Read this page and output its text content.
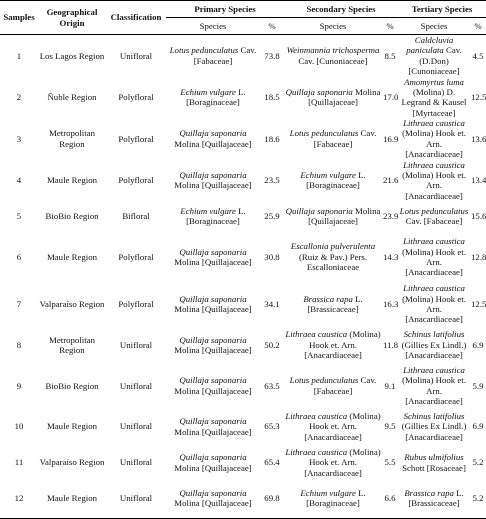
Samples	Geographical Origin	Classification	Primary Species		Secondary Species		Tertiary Species	
			Species	%	Species	%	Species	%
1	Los Lagos Region	Unifloral	Lotus pedunculatus Cav. [Fabaceae]	73.8	Weinmannia trichosperma Cav. [Cunoniaceae]	8.5	Caldcluvia paniculata Cav. (D.Don) [Cunoniaceae]	4.5
2	Ñuble Region	Polyfloral	Echium vulgare L. [Boraginaceae]	18.5	Quillaja saponaria Molina [Quillajaceae]	17.0	Amomyrtus luma (Molina) D. Legrand & Kausel [Myrtaceae]	12.5
3	Metropolitan Region	Polyfloral	Quillaja saponaria Molina [Quillajaceae]	18.6	Lotus pedunculatus Cav. [Fabaceae]	16.9	Lithraea caustica (Molina) Hook et. Arn. [Anacardiaceae]	13.6
4	Maule Region	Polyfloral	Quillaja saponaria Molina [Quillajaceae]	23.5	Echium vulgare L. [Boraginaceae]	21.6	Lithraea caustica (Molina) Hook et. Arn. [Anacardiaceae]	13.4
5	BioBio Region	Bifloral	Echium vulgare L. [Boraginaceae]	25.9	Quillaja saponaria Molina [Quillajaceae]	23.9	Lotus pedunculatus Cav. [Fabaceae]	15.6
6	Maule Region	Polyfloral	Quillaja saponaria Molina [Quillajaceae]	30.8	Escallonia pulverulenta (Ruiz & Pav.) Pers. Escalloniaceae	14.3	Lithraea caustica (Molina) Hook et. Arn. [Anacardiaceae]	12.8
7	Valparaíso Region	Polyfloral	Quillaja saponaria Molina [Quillajaceae]	34.1	Brassica rapa L. [Brassicaceae]	16.3	Lithraea caustica (Molina) Hook et. Arn. [Anacardiaceae]	12.5
8	Metropolitan Region	Unifloral	Quillaja saponaria Molina [Quillajaceae]	50.2	Lithraea caustica (Molina) Hook et. Arn. [Anacardiaceae]	11.8	Schinus latifolius (Gillies Ex Lindl.) [Anacardiaceae]	6.9
9	BioBio Region	Unifloral	Quillaja saponaria Molina [Quillajaceae]	63.5	Lotus pedunculatus Cav. [Fabaceae]	9.1	Lithraea caustica (Molina) Hook et. Arn. [Anacardiaceae]	5.9
10	Maule Region	Unifloral	Quillaja saponaria Molina [Quillajaceae]	65.3	Lithraea caustica (Molina) Hook et. Arn. [Anacardiaceae]	9.5	Schinus latifolius (Gillies Ex Lindl.) [Anacardiaceae]	6.9
11	Valparaíso Region	Unifloral	Quillaja saponaria Molina [Quillajaceae]	65.4	Lithraea caustica (Molina) Hook et. Arn. [Anacardiaceae]	5.5	Rubus ulmifolius Schott [Rosaceae]	5.2
12	Maule Region	Unifloral	Quillaja saponaria Molina [Quillajaceae]	69.8	Echium vulgare L. [Boraginaceae]	6.6	Brassica rapa L. [Brassicaceae]	5.2
